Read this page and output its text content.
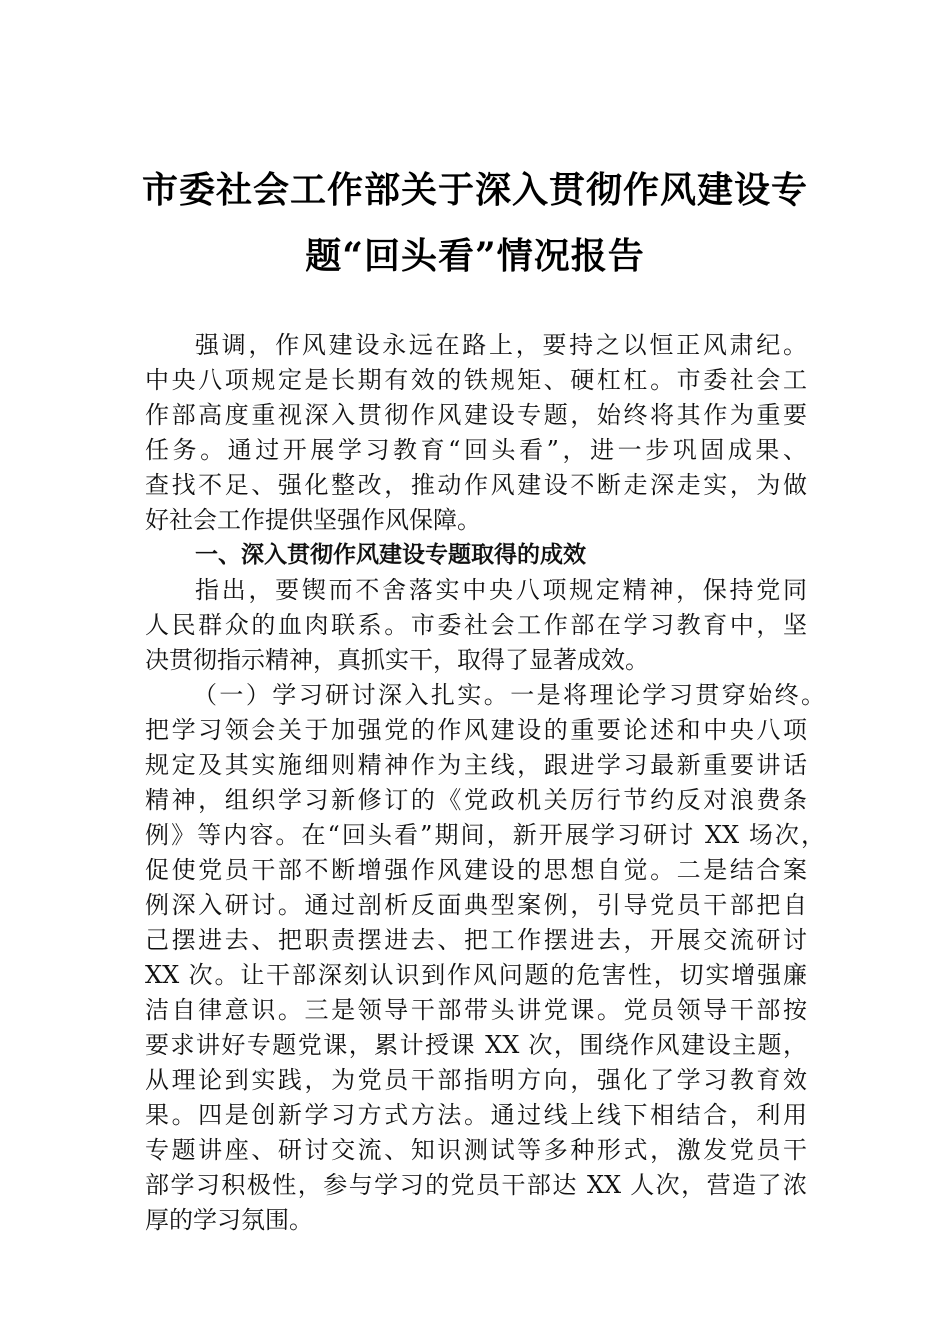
市委社会工作部关于深入贯彻作风建设专
题“回头看”情况报告
强调，作风建设永远在路上，要持之以恒正风肃纪。
中央八项规定是长期有效的铁规矩、硬杠杠。市委社会工
作部高度重视深入贯彻作风建设专题，始终将其作为重要
任务。通过开展学习教育“回头看”，进一步巩固成果、
查找不足、强化整改，推动作风建设不断走深走实，为做
好社会工作提供坚强作风保障。
一、深入贯彻作风建设专题取得的成效
指出，要锲而不舍落实中央八项规定精神，保持党同
人民群众的血肉联系。市委社会工作部在学习教育中，坚
决贯彻指示精神，真抓实干，取得了显著成效。
（一）学习研讨深入扎实。一是将理论学习贯穿始终。
把学习领会关于加强党的作风建设的重要论述和中央八项
规定及其实施细则精神作为主线，跟进学习最新重要讲话
精神，组织学习新修订的《党政机关厉行节约反对浪费条
例》等内容。在“回头看”期间，新开展学习研讨 XX 场次，
促使党员干部不断增强作风建设的思想自觉。二是结合案
例深入研讨。通过剖析反面典型案例，引导党员干部把自
己摆进去、把职责摆进去、把工作摆进去，开展交流研讨
XX 次。让干部深刻认识到作风问题的危害性，切实增强廉
洁自律意识。三是领导干部带头讲党课。党员领导干部按
要求讲好专题党课，累计授课 XX 次，围绕作风建设主题，
从理论到实践，为党员干部指明方向，强化了学习教育效
果。四是创新学习方式方法。通过线上线下相结合，利用
专题讲座、研讨交流、知识测试等多种形式，激发党员干
部学习积极性，参与学习的党员干部达 XX 人次，营造了浓
厚的学习氛围。
